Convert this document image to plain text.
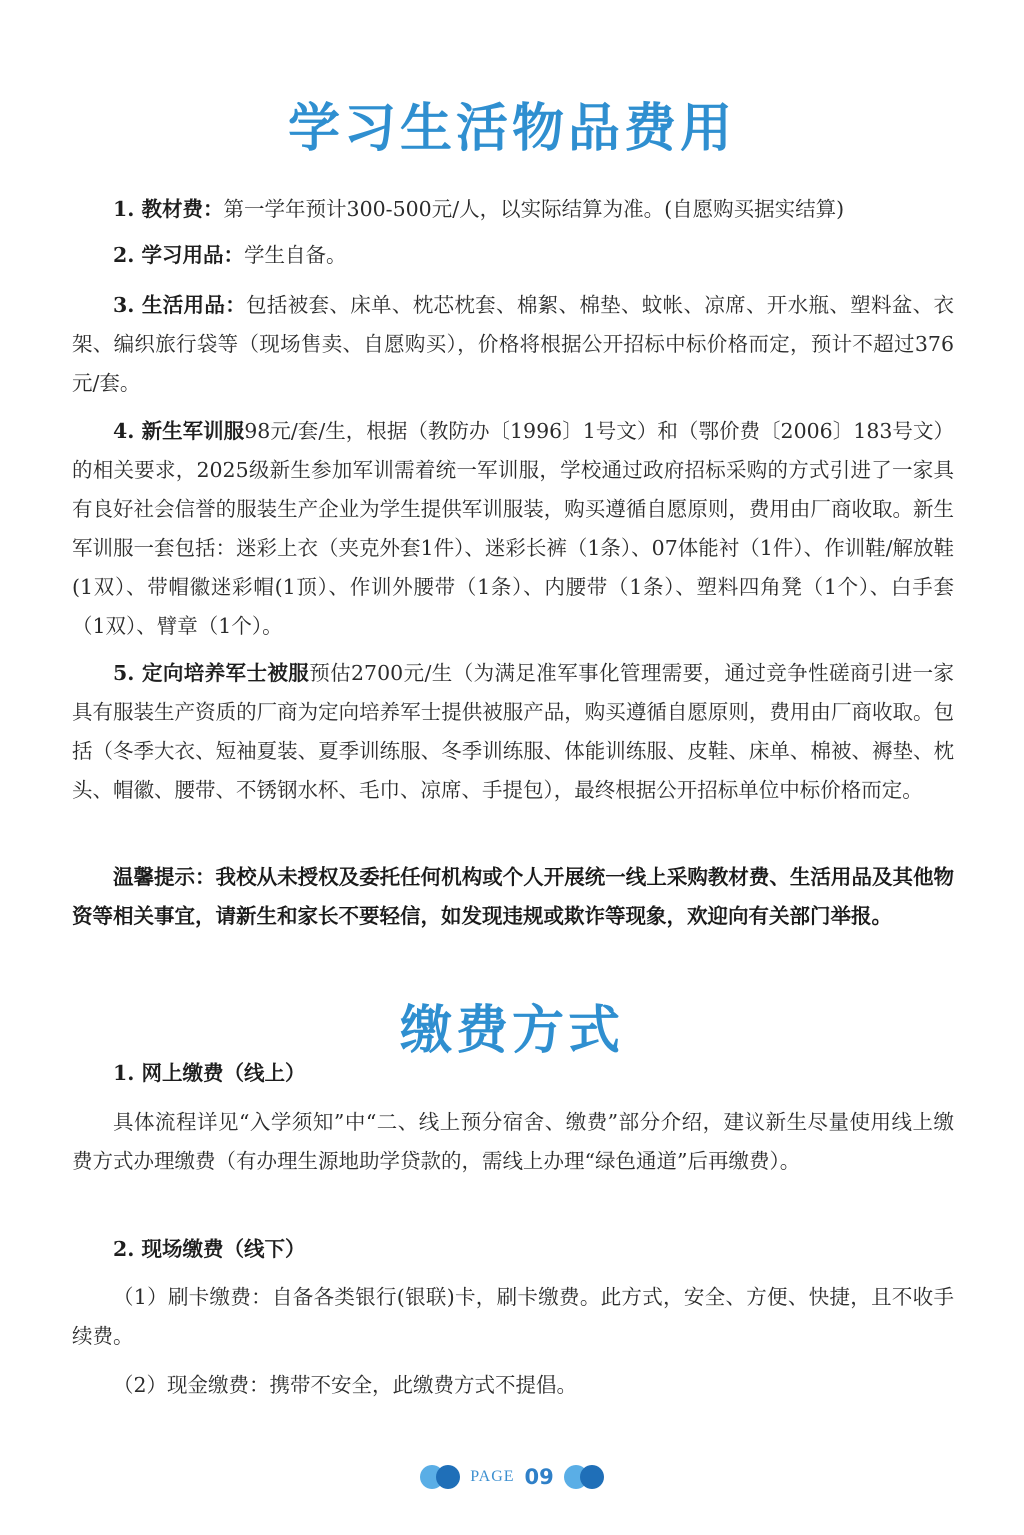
学习生活物品费用
1. 教材费：第一学年预计300-500元/人，以实际结算为准。(自愿购买据实结算)
2. 学习用品：学生自备。
3. 生活用品：包括被套、床单、枕芯枕套、棉絮、棉垫、蚊帐、凉席、开水瓶、塑料盆、衣架、编织旅行袋等（现场售卖、自愿购买），价格将根据公开招标中标价格而定，预计不超过376元/套。
4. 新生军训服98元/套/生，根据（教防办〔1996〕1号文）和（鄂价费〔2006〕183号文）的相关要求，2025级新生参加军训需着统一军训服，学校通过政府招标采购的方式引进了一家具有良好社会信誉的服装生产企业为学生提供军训服装，购买遵循自愿原则，费用由厂商收取。新生军训服一套包括：迷彩上衣（夹克外套1件）、迷彩长裤（1条）、07体能衬（1件）、作训鞋/解放鞋(1双）、带帽徽迷彩帽(1顶）、作训外腰带（1条）、内腰带（1条）、塑料四角凳（1个）、白手套（1双）、臂章（1个）。
5. 定向培养军士被服预估2700元/生（为满足准军事化管理需要，通过竞争性磋商引进一家具有服装生产资质的厂商为定向培养军士提供被服产品，购买遵循自愿原则，费用由厂商收取。包括（冬季大衣、短袖夏装、夏季训练服、冬季训练服、体能训练服、皮鞋、床单、棉被、褥垫、枕头、帽徽、腰带、不锈钢水杯、毛巾、凉席、手提包），最终根据公开招标单位中标价格而定。
温馨提示：我校从未授权及委托任何机构或个人开展统一线上采购教材费、生活用品及其他物资等相关事宜，请新生和家长不要轻信，如发现违规或欺诈等现象，欢迎向有关部门举报。
缴费方式
1. 网上缴费（线上）
具体流程详见“入学须知”中“二、线上预分宿舍、缴费”部分介绍，建议新生尽量使用线上缴费方式办理缴费（有办理生源地助学贷款的，需线上办理“绿色通道”后再缴费）。
2. 现场缴费（线下）
（1）刷卡缴费：自备各类银行(银联)卡，刷卡缴费。此方式，安全、方便、快捷，且不收手续费。
（2）现金缴费：携带不安全，此缴费方式不提倡。
PAGE 09
